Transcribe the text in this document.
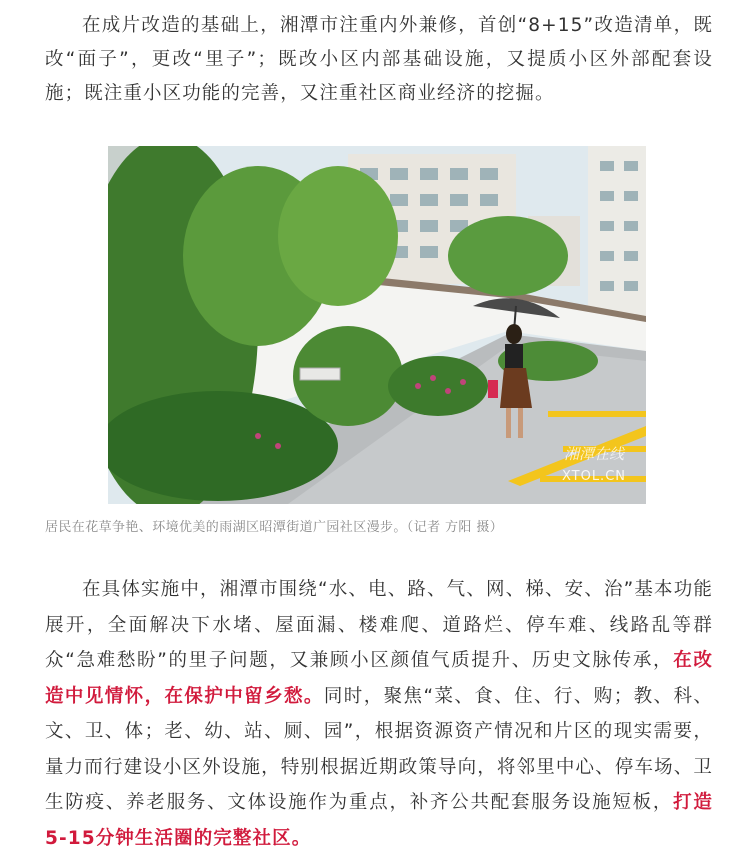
在成片改造的基础上，湘潭市注重内外兼修，首创“8+15”改造清单，既改“面子”，更改“里子”；既改小区内部基础设施，又提质小区外部配套设施；既注重小区功能的完善，又注重社区商业经济的挖掘。

湘潭在线
XTOL.CN
居民在花草争艳、环境优美的雨湖区昭潭街道广园社区漫步。（记者 方阳 摄）

在具体实施中，湘潭市围绕“水、电、路、气、网、梯、安、治”基本功能展开，全面解决下水堵、屋面漏、楼难爬、道路烂、停车难、线路乱等群众“急难愁盼”的里子问题，又兼顾小区颜值气质提升、历史文脉传承，在改造中见情怀，在保护中留乡愁。同时，聚焦“菜、食、住、行、购；教、科、文、卫、体；老、幼、站、厕、园”，根据资源资产情况和片区的现实需要，量力而行建设小区外设施，特别根据近期政策导向，将邻里中心、停车场、卫生防疫、养老服务、文体设施作为重点，补齐公共配套服务设施短板，打造5-15分钟生活圈的完整社区。
